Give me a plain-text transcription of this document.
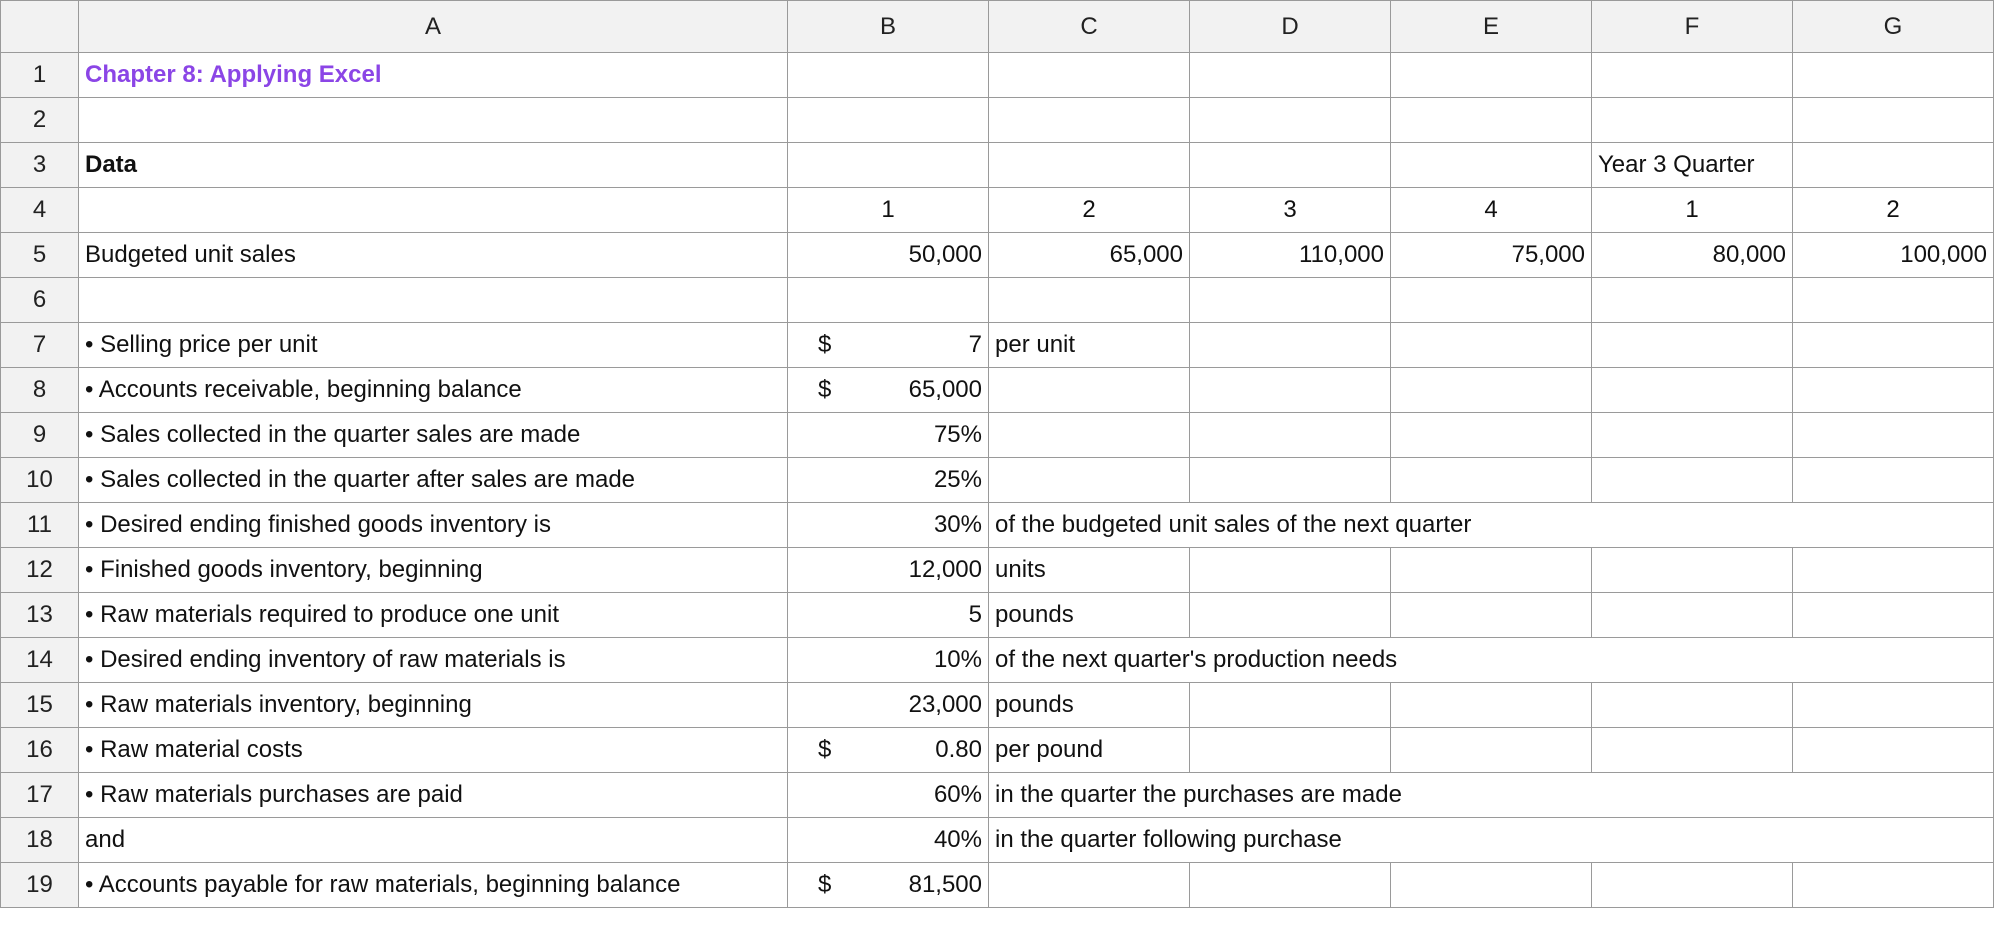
	A	B	C	D	E	F	G
1	Chapter 8: Applying Excel						
2							
3	Data					Year 3 Quarter	
4		1	2	3	4	1	2
5	Budgeted unit sales	50,000	65,000	110,000	75,000	80,000	100,000
6							
7	• Selling price per unit	$ 7	per unit				
8	• Accounts receivable, beginning balance	$ 65,000					

9	• Sales collected in the quarter sales are made	75%					
10	• Sales collected in the quarter after sales are made	25%					
11	• Desired ending finished goods inventory is	30%	of the budgeted unit sales of the next quarter				
12	• Finished goods inventory, beginning	12,000	units				
13	• Raw materials required to produce one unit	5	pounds				
14	• Desired ending inventory of raw materials is	10%	of the next quarter's production needs				
15	• Raw materials inventory, beginning	23,000	pounds				
16	• Raw material costs	$ 0.80	per pound				
17	• Raw materials purchases are paid	60%	in the quarter the purchases are made				
18	and	40%	in the quarter following purchase				
19	• Accounts payable for raw materials, beginning balance	$ 81,500					
